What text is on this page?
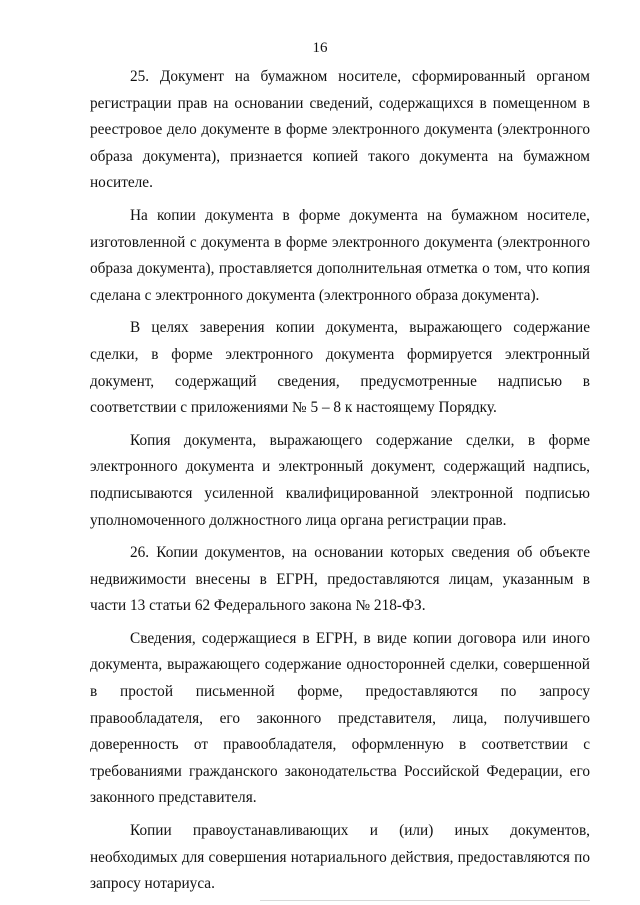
16

25. Документ на бумажном носителе, сформированный органом регистрации прав на основании сведений, содержащихся в помещенном в реестровое дело документе в форме электронного документа (электронного образа документа), признается копией такого документа на бумажном носителе.

На копии документа в форме документа на бумажном носителе, изготовленной с документа в форме электронного документа (электронного образа документа), проставляется дополнительная отметка о том, что копия сделана с электронного документа (электронного образа документа).

В целях заверения копии документа, выражающего содержание сделки, в форме электронного документа формируется электронный документ, содержащий сведения, предусмотренные надписью в соответствии с приложениями № 5 – 8 к настоящему Порядку.

Копия документа, выражающего содержание сделки, в форме электронного документа и электронный документ, содержащий надпись, подписываются усиленной квалифицированной электронной подписью уполномоченного должностного лица органа регистрации прав.

26. Копии документов, на основании которых сведения об объекте недвижимости внесены в ЕГРН, предоставляются лицам, указанным в части 13 статьи 62 Федерального закона № 218-ФЗ.

Сведения, содержащиеся в ЕГРН, в виде копии договора или иного документа, выражающего содержание односторонней сделки, совершенной в простой письменной форме, предоставляются по запросу правообладателя, его законного представителя, лица, получившего доверенность от правообладателя, оформленную в соответствии с требованиями гражданского законодательства Российской Федерации, его законного представителя.

Копии правоустанавливающих и (или) иных документов, необходимых для совершения нотариального действия, предоставляются по запросу нотариуса.
